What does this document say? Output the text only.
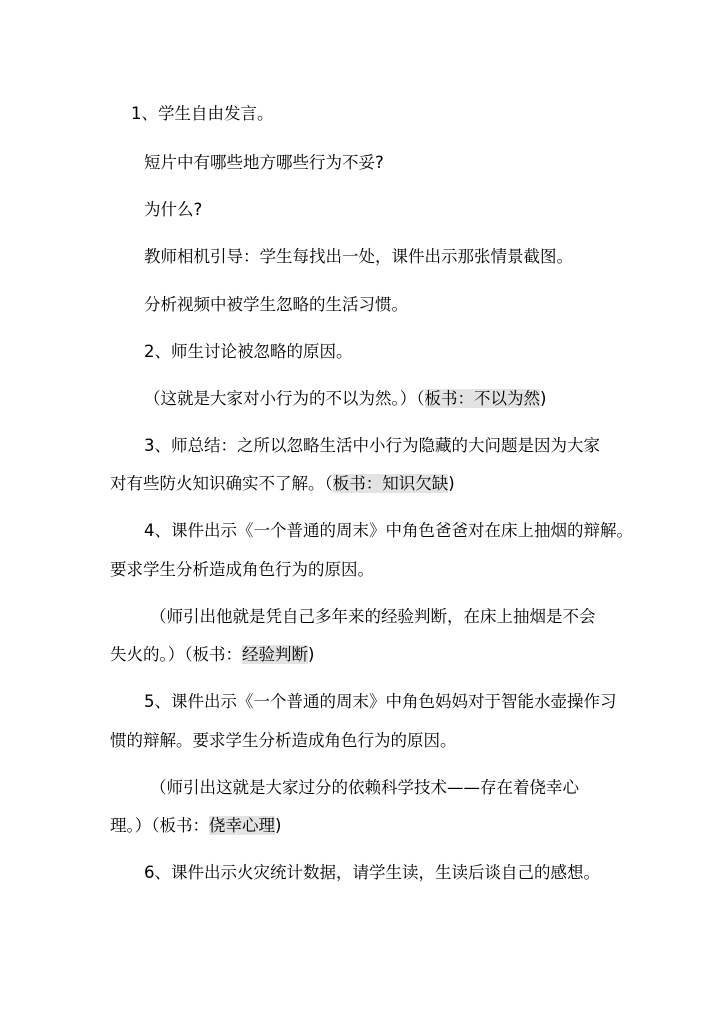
1、学生自由发言。
短片中有哪些地方哪些行为不妥?
为什么?
教师相机引导：学生每找出一处，课件出示那张情景截图。
分析视频中被学生忽略的生活习惯。
2、师生讨论被忽略的原因。
（这就是大家对小行为的不以为然。）（板书：不以为然)
3、师总结：之所以忽略生活中小行为隐藏的大问题是因为大家
对有些防火知识确实不了解。（板书：知识欠缺)
4、课件出示《一个普通的周末》中角色爸爸对在床上抽烟的辩解。
要求学生分析造成角色行为的原因。
（师引出他就是凭自己多年来的经验判断，在床上抽烟是不会
失火的。）（板书：经验判断)
5、课件出示《一个普通的周末》中角色妈妈对于智能水壶操作习
惯的辩解。要求学生分析造成角色行为的原因。
（师引出这就是大家过分的依赖科学技术——存在着侥幸心
理。）（板书：侥幸心理)
6、课件出示火灾统计数据，请学生读，生读后谈自己的感想。
